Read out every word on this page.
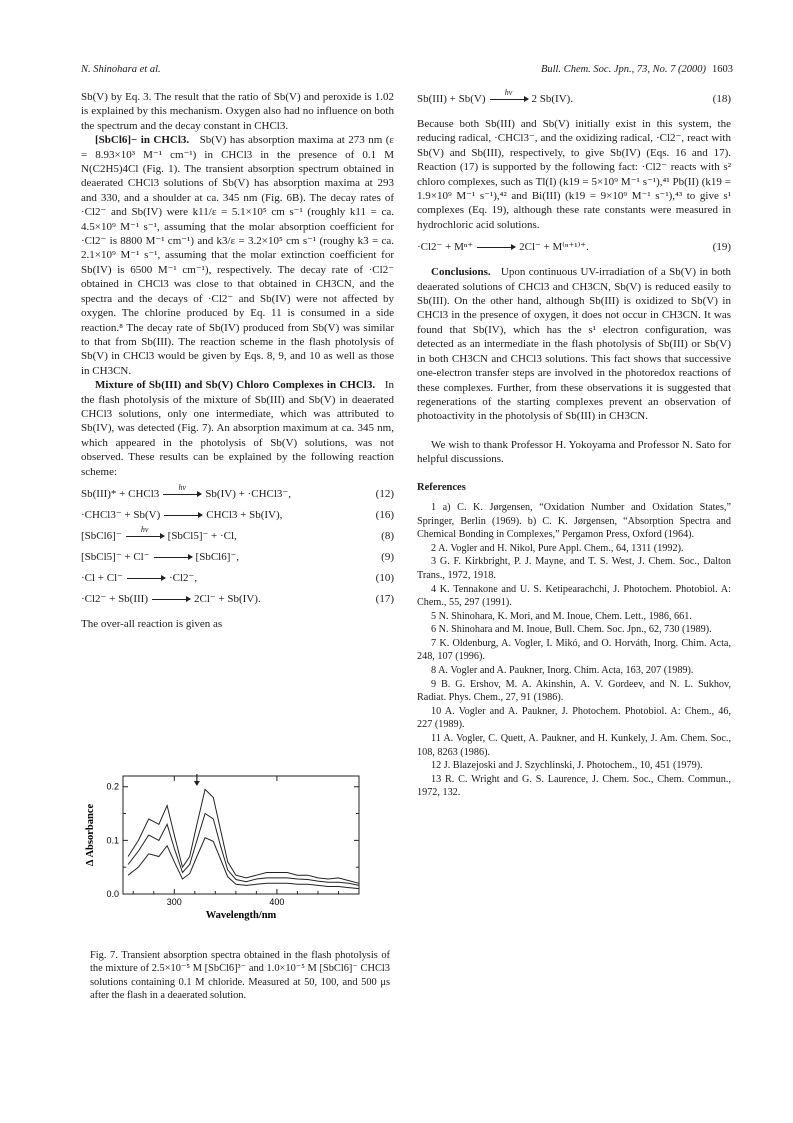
N. Shinohara et al.	Bull. Chem. Soc. Jpn., 73, No. 7 (2000) 1603

Sb(V) by Eq. 3. The result that the ratio of Sb(V) and peroxide is 1.02 is explained by this mechanism. Oxygen also had no influence on both the spectrum and the decay constant in CHCl3.

[SbCl6]− in CHCl3. Sb(V) has absorption maxima at 273 nm (ε = 8.93×10³ M⁻¹ cm⁻¹) in CHCl3 in the presence of 0.1 M N(C2H5)4Cl (Fig. 1). The transient absorption spectrum obtained in deaerated CHCl3 solutions of Sb(V) has absorption maxima at 293 and 330, and a shoulder at ca. 345 nm (Fig. 6B). The decay rates of ·Cl2⁻ and Sb(IV) were k11/ε = 5.1×10⁵ cm s⁻¹ (roughly k11 = ca. 4.5×10⁹ M⁻¹ s⁻¹, assuming that the molar absorption coefficient for ·Cl2⁻ is 8800 M⁻¹ cm⁻¹) and k3/ε = 3.2×10⁵ cm s⁻¹ (roughy k3 = ca. 2.1×10⁹ M⁻¹ s⁻¹, assuming that the molar extinction coefficient for Sb(IV) is 6500 M⁻¹ cm⁻¹), respectively. The decay rate of ·Cl2⁻ obtained in CHCl3 was close to that obtained in CH3CN, and the spectra and the decays of ·Cl2⁻ and Sb(IV) were not affected by oxygen. The chlorine produced by Eq. 11 is consumed in a side reaction.⁸ The decay rate of Sb(IV) produced from Sb(V) was similar to that from Sb(III). The reaction scheme in the flash photolysis of Sb(V) in CHCl3 would be given by Eqs. 8, 9, and 10 as well as those in CH3CN.

Mixture of Sb(III) and Sb(V) Chloro Complexes in CHCl3. In the flash photolysis of the mixture of Sb(III) and Sb(V) in deaerated CHCl3 solutions, only one intermediate, which was attributed to Sb(IV), was detected (Fig. 7). An absorption maximum at ca. 345 nm, which appeared in the photolysis of Sb(V) solutions, was not observed. These results can be explained by the following reaction scheme:

Sb(III)* + CHCl3
hν
Sb(IV) + ·CHCl3⁻,	(12)
·CHCl3⁻ + Sb(V) → CHCl3 + Sb(IV),	(16)
[SbCl6]⁻
hν
[SbCl5]⁻ + ·Cl,	(8)
[SbCl5]⁻ + Cl⁻ → [SbCl6]⁻,	(9)
·Cl + Cl⁻ → ·Cl2⁻,	(10)
·Cl2⁻ + Sb(III) → 2Cl⁻ + Sb(IV).	(17)

The over-all reaction is given as

0.0
0.1
0.2
300	400
Wavelength/nm
Δ Absorbance
Fig. 7. Transient absorption spectra obtained in the flash photolysis of the mixture of 2.5×10⁻⁵ M [SbCl6]³⁻ and 1.0×10⁻⁵ M [SbCl6]⁻ CHCl3 solutions containing 0.1 M chloride. Measured at 50, 100, and 500 μs after the flash in a deaerated solution.
Sb(III) + Sb(V)
hν
2 Sb(IV).	(18)

Because both Sb(III) and Sb(V) initially exist in this system, the reducing radical, ·CHCl3⁻, and the oxidizing radical, ·Cl2⁻, react with Sb(V) and Sb(III), respectively, to give Sb(IV) (Eqs. 16 and 17). Reaction (17) is supported by the following fact: ·Cl2⁻ reacts with s² chloro complexes, such as Tl(I) (k19 = 5×10⁹ M⁻¹ s⁻¹),⁴¹ Pb(II) (k19 = 1.9×10⁹ M⁻¹ s⁻¹),⁴² and Bi(III) (k19 = 9×10⁹ M⁻¹ s⁻¹),⁴³ to give s¹ complexes (Eq. 19), although these rate constants were measured in hydrochloric acid solutions.

·Cl2⁻ + Mⁿ⁺ → 2Cl⁻ + M⁽ⁿ⁺¹⁾⁺.	(19)

Conclusions. Upon continuous UV-irradiation of a Sb(V) in both deaerated solutions of CHCl3 and CH3CN, Sb(V) is reduced easily to Sb(III). On the other hand, although Sb(III) is oxidized to Sb(V) in CHCl3 in the presence of oxygen, it does not occur in CH3CN. It was found that Sb(IV), which has the s¹ electron configuration, was detected as an intermediate in the flash photolysis of Sb(III) or Sb(V) in both CH3CN and CHCl3 solutions. This fact shows that successive one-electron transfer steps are involved in the photoredox reactions of these complexes. Further, from these observations it is suggested that regenerations of the starting complexes prevent an observation of photoactivity in the photolysis of Sb(III) in CH3CN.

We wish to thank Professor H. Yokoyama and Professor N. Sato for helpful discussions.

References

1 a) C. K. Jørgensen, “Oxidation Number and Oxidation States,” Springer, Berlin (1969). b) C. K. Jørgensen, “Absorption Spectra and Chemical Bonding in Complexes,” Pergamon Press, Oxford (1964).

2 A. Vogler and H. Nikol, Pure Appl. Chem., 64, 1311 (1992).

3 G. F. Kirkbright, P. J. Mayne, and T. S. West, J. Chem. Soc., Dalton Trans., 1972, 1918.

4 K. Tennakone and U. S. Ketipearachchi, J. Photochem. Photobiol. A: Chem., 55, 297 (1991).

5 N. Shinohara, K. Mori, and M. Inoue, Chem. Lett., 1986, 661.

6 N. Shinohara and M. Inoue, Bull. Chem. Soc. Jpn., 62, 730 (1989).

7 K. Oldenburg, A. Vogler, I. Mikó, and O. Horváth, Inorg. Chim. Acta, 248, 107 (1996).

8 A. Vogler and A. Paukner, Inorg. Chim. Acta, 163, 207 (1989).

9 B. G. Ershov, M. A. Akinshin, A. V. Gordeev, and N. L. Sukhov, Radiat. Phys. Chem., 27, 91 (1986).

10 A. Vogler and A. Paukner, J. Photochem. Photobiol. A: Chem., 46, 227 (1989).

11 A. Vogler, C. Quett, A. Paukner, and H. Kunkely, J. Am. Chem. Soc., 108, 8263 (1986).

12 J. Blazejoski and J. Szychlinski, J. Photochem., 10, 451 (1979).

13 R. C. Wright and G. S. Laurence, J. Chem. Soc., Chem. Commun., 1972, 132.
